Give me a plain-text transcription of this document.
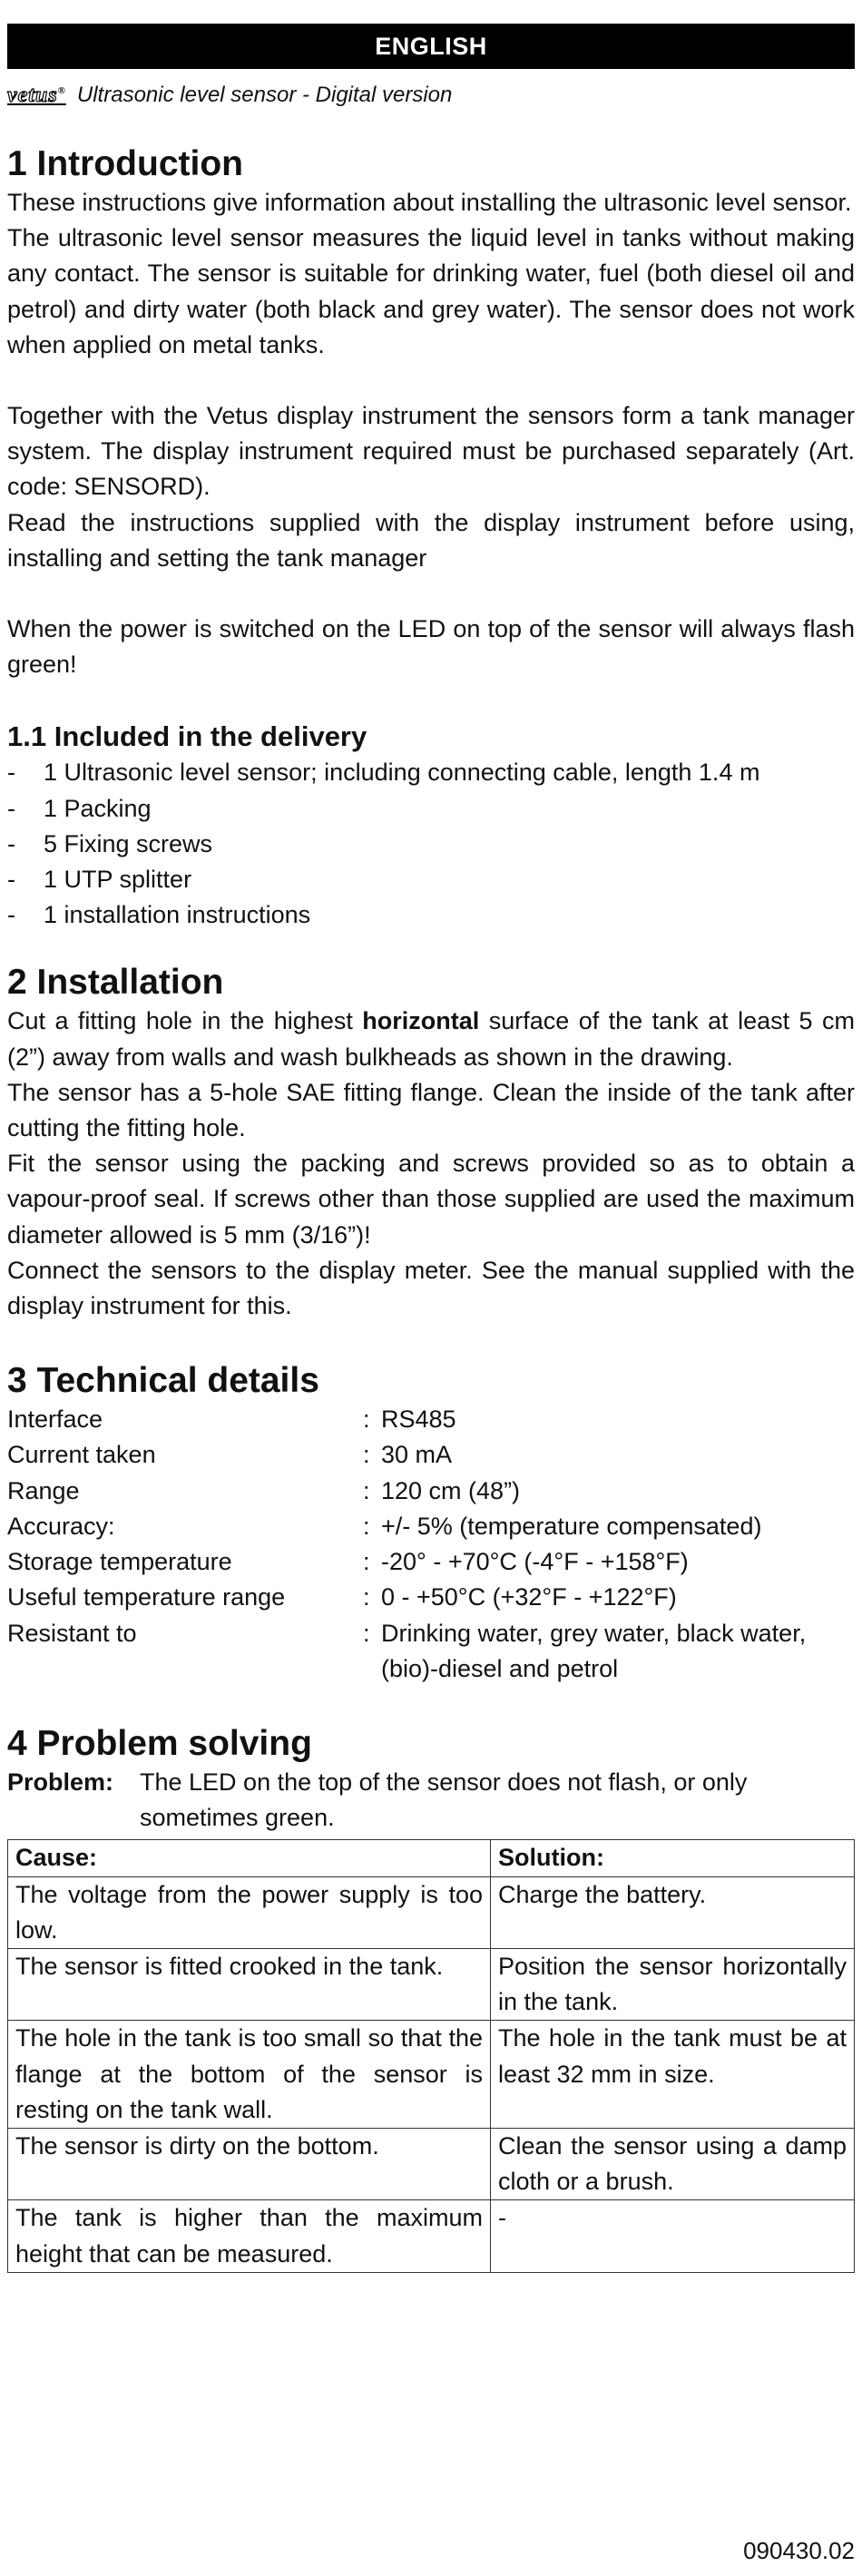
ENGLISH
vetus® Ultrasonic level sensor - Digital version
1 Introduction

These instructions give information about installing the ultrasonic level sensor.

The ultrasonic level sensor measures the liquid level in tanks without making any contact. The sensor is suitable for drinking water, fuel (both diesel oil and petrol) and dirty water (both black and grey water). The sensor does not work when applied on metal tanks.

Together with the Vetus display instrument the sensors form a tank manager system. The display instrument required must be purchased separately (Art. code: SENSORD).

Read the instructions supplied with the display instrument before using, installing and setting the tank manager

When the power is switched on the LED on top of the sensor will always flash green!

1.1 Included in the delivery
-	1 Ultrasonic level sensor; including connecting cable, length 1.4 m
-	1 Packing
-	5 Fixing screws
-	1 UTP splitter
-	1 installation instructions
2 Installation

Cut a fitting hole in the highest horizontal surface of the tank at least 5 cm (2”) away from walls and wash bulkheads as shown in the drawing.

The sensor has a 5-hole SAE fitting flange. Clean the inside of the tank after cutting the fitting hole.

Fit the sensor using the packing and screws provided so as to obtain a vapour-proof seal. If screws other than those supplied are used the maximum diameter allowed is 5 mm (3/16”)!

Connect the sensors to the display meter. See the manual supplied with the display instrument for this.

3 Technical details
Interface	: RS485
Current taken	: 30 mA
Range	: 120 cm (48”)
Accuracy:	: +/- 5% (temperature compensated)
Storage temperature	: -20° - +70°C (-4°F - +158°F)
Useful temperature range	: 0 - +50°C (+32°F - +122°F)
Resistant to	: Drinking water, grey water, black water, (bio)-diesel and petrol
4 Problem solving
Problem:	The LED on the top of the sensor does not flash, or only sometimes green.
Cause:	Solution:
The voltage from the power supply is too low.	Charge the battery.
The sensor is fitted crooked in the tank.	Position the sensor horizontally in the tank.
The hole in the tank is too small so that the flange at the bottom of the sensor is resting on the tank wall.	The hole in the tank must be at least 32 mm in size.
The sensor is dirty on the bottom.	Clean the sensor using a damp cloth or a brush.
The tank is higher than the maximum height that can be measured.	-
090430.02
